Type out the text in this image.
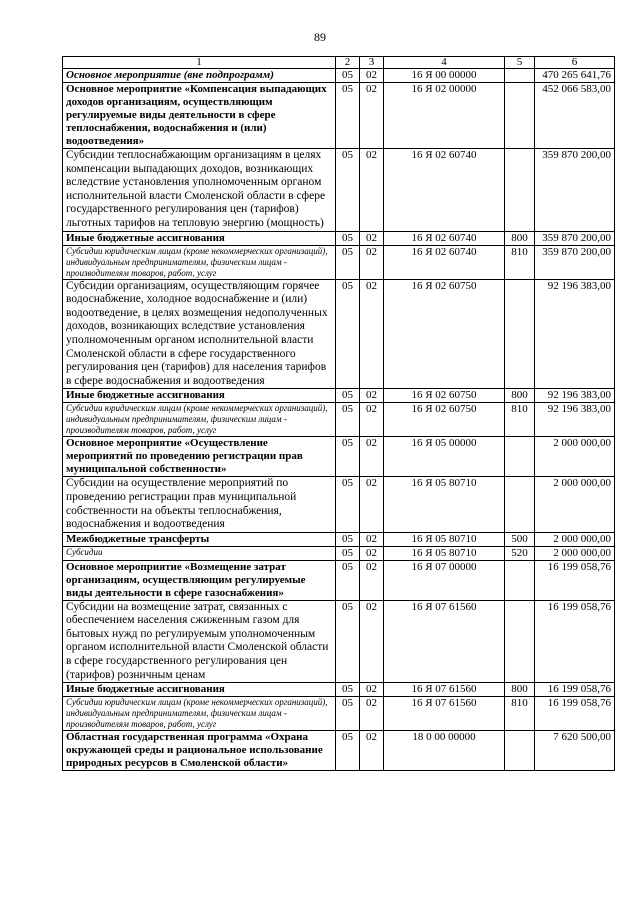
89
1	2	3	4	5	6
Основное мероприятие (вне подпрограмм)	05	02	16 Я 00 00000		470 265 641,76
Основное мероприятие «Компенсация выпадающих доходов организациям, осуществляющим регулируемые виды деятельности в сфере теплоснабжения, водоснабжения и (или) водоотведения»	05	02	16 Я 02 00000		452 066 583,00
Субсидии теплоснабжающим организациям в целях компенсации выпадающих доходов, возникающих вследствие установления уполномоченным органом исполнительной власти Смоленской области в сфере государственного регулирования цен (тарифов) льготных тарифов на тепловую энергию (мощность)	05	02	16 Я 02 60740		359 870 200,00
Иные бюджетные ассигнования	05	02	16 Я 02 60740	800	359 870 200,00
Субсидии юридическим лицам (кроме некоммерческих организаций), индивидуальным предпринимателям, физическим лицам - производителям товаров, работ, услуг	05	02	16 Я 02 60740	810	359 870 200,00
Субсидии организациям, осуществляющим горячее водоснабжение, холодное водоснабжение и (или) водоотведение, в целях возмещения недополученных доходов, возникающих вследствие установления уполномоченным органом исполнительной власти Смоленской области в сфере государственного регулирования цен (тарифов) для населения тарифов в сфере водоснабжения и водоотведения	05	02	16 Я 02 60750		92 196 383,00
Иные бюджетные ассигнования	05	02	16 Я 02 60750	800	92 196 383,00
Субсидии юридическим лицам (кроме некоммерческих организаций), индивидуальным предпринимателям, физическим лицам - производителям товаров, работ, услуг	05	02	16 Я 02 60750	810	92 196 383,00
Основное мероприятие «Осуществление мероприятий по проведению регистрации прав муниципальной собственности»	05	02	16 Я 05 00000		2 000 000,00
Субсидии на осуществление мероприятий по проведению регистрации прав муниципальной собственности на объекты теплоснабжения, водоснабжения и водоотведения	05	02	16 Я 05 80710		2 000 000,00
Межбюджетные трансферты	05	02	16 Я 05 80710	500	2 000 000,00
Субсидии	05	02	16 Я 05 80710	520	2 000 000,00
Основное мероприятие «Возмещение затрат организациям, осуществляющим регулируемые виды деятельности в сфере газоснабжения»	05	02	16 Я 07 00000		16 199 058,76
Субсидии на возмещение затрат, связанных с обеспечением населения сжиженным газом для бытовых нужд по регулируемым уполномоченным органом исполнительной власти Смоленской области в сфере государственного регулирования цен (тарифов) розничным ценам	05	02	16 Я 07 61560		16 199 058,76
Иные бюджетные ассигнования	05	02	16 Я 07 61560	800	16 199 058,76
Субсидии юридическим лицам (кроме некоммерческих организаций), индивидуальным предпринимателям, физическим лицам - производителям товаров, работ, услуг	05	02	16 Я 07 61560	810	16 199 058,76
Областная государственная программа «Охрана окружающей среды и рациональное использование природных ресурсов в Смоленской области»	05	02	18 0 00 00000		7 620 500,00
